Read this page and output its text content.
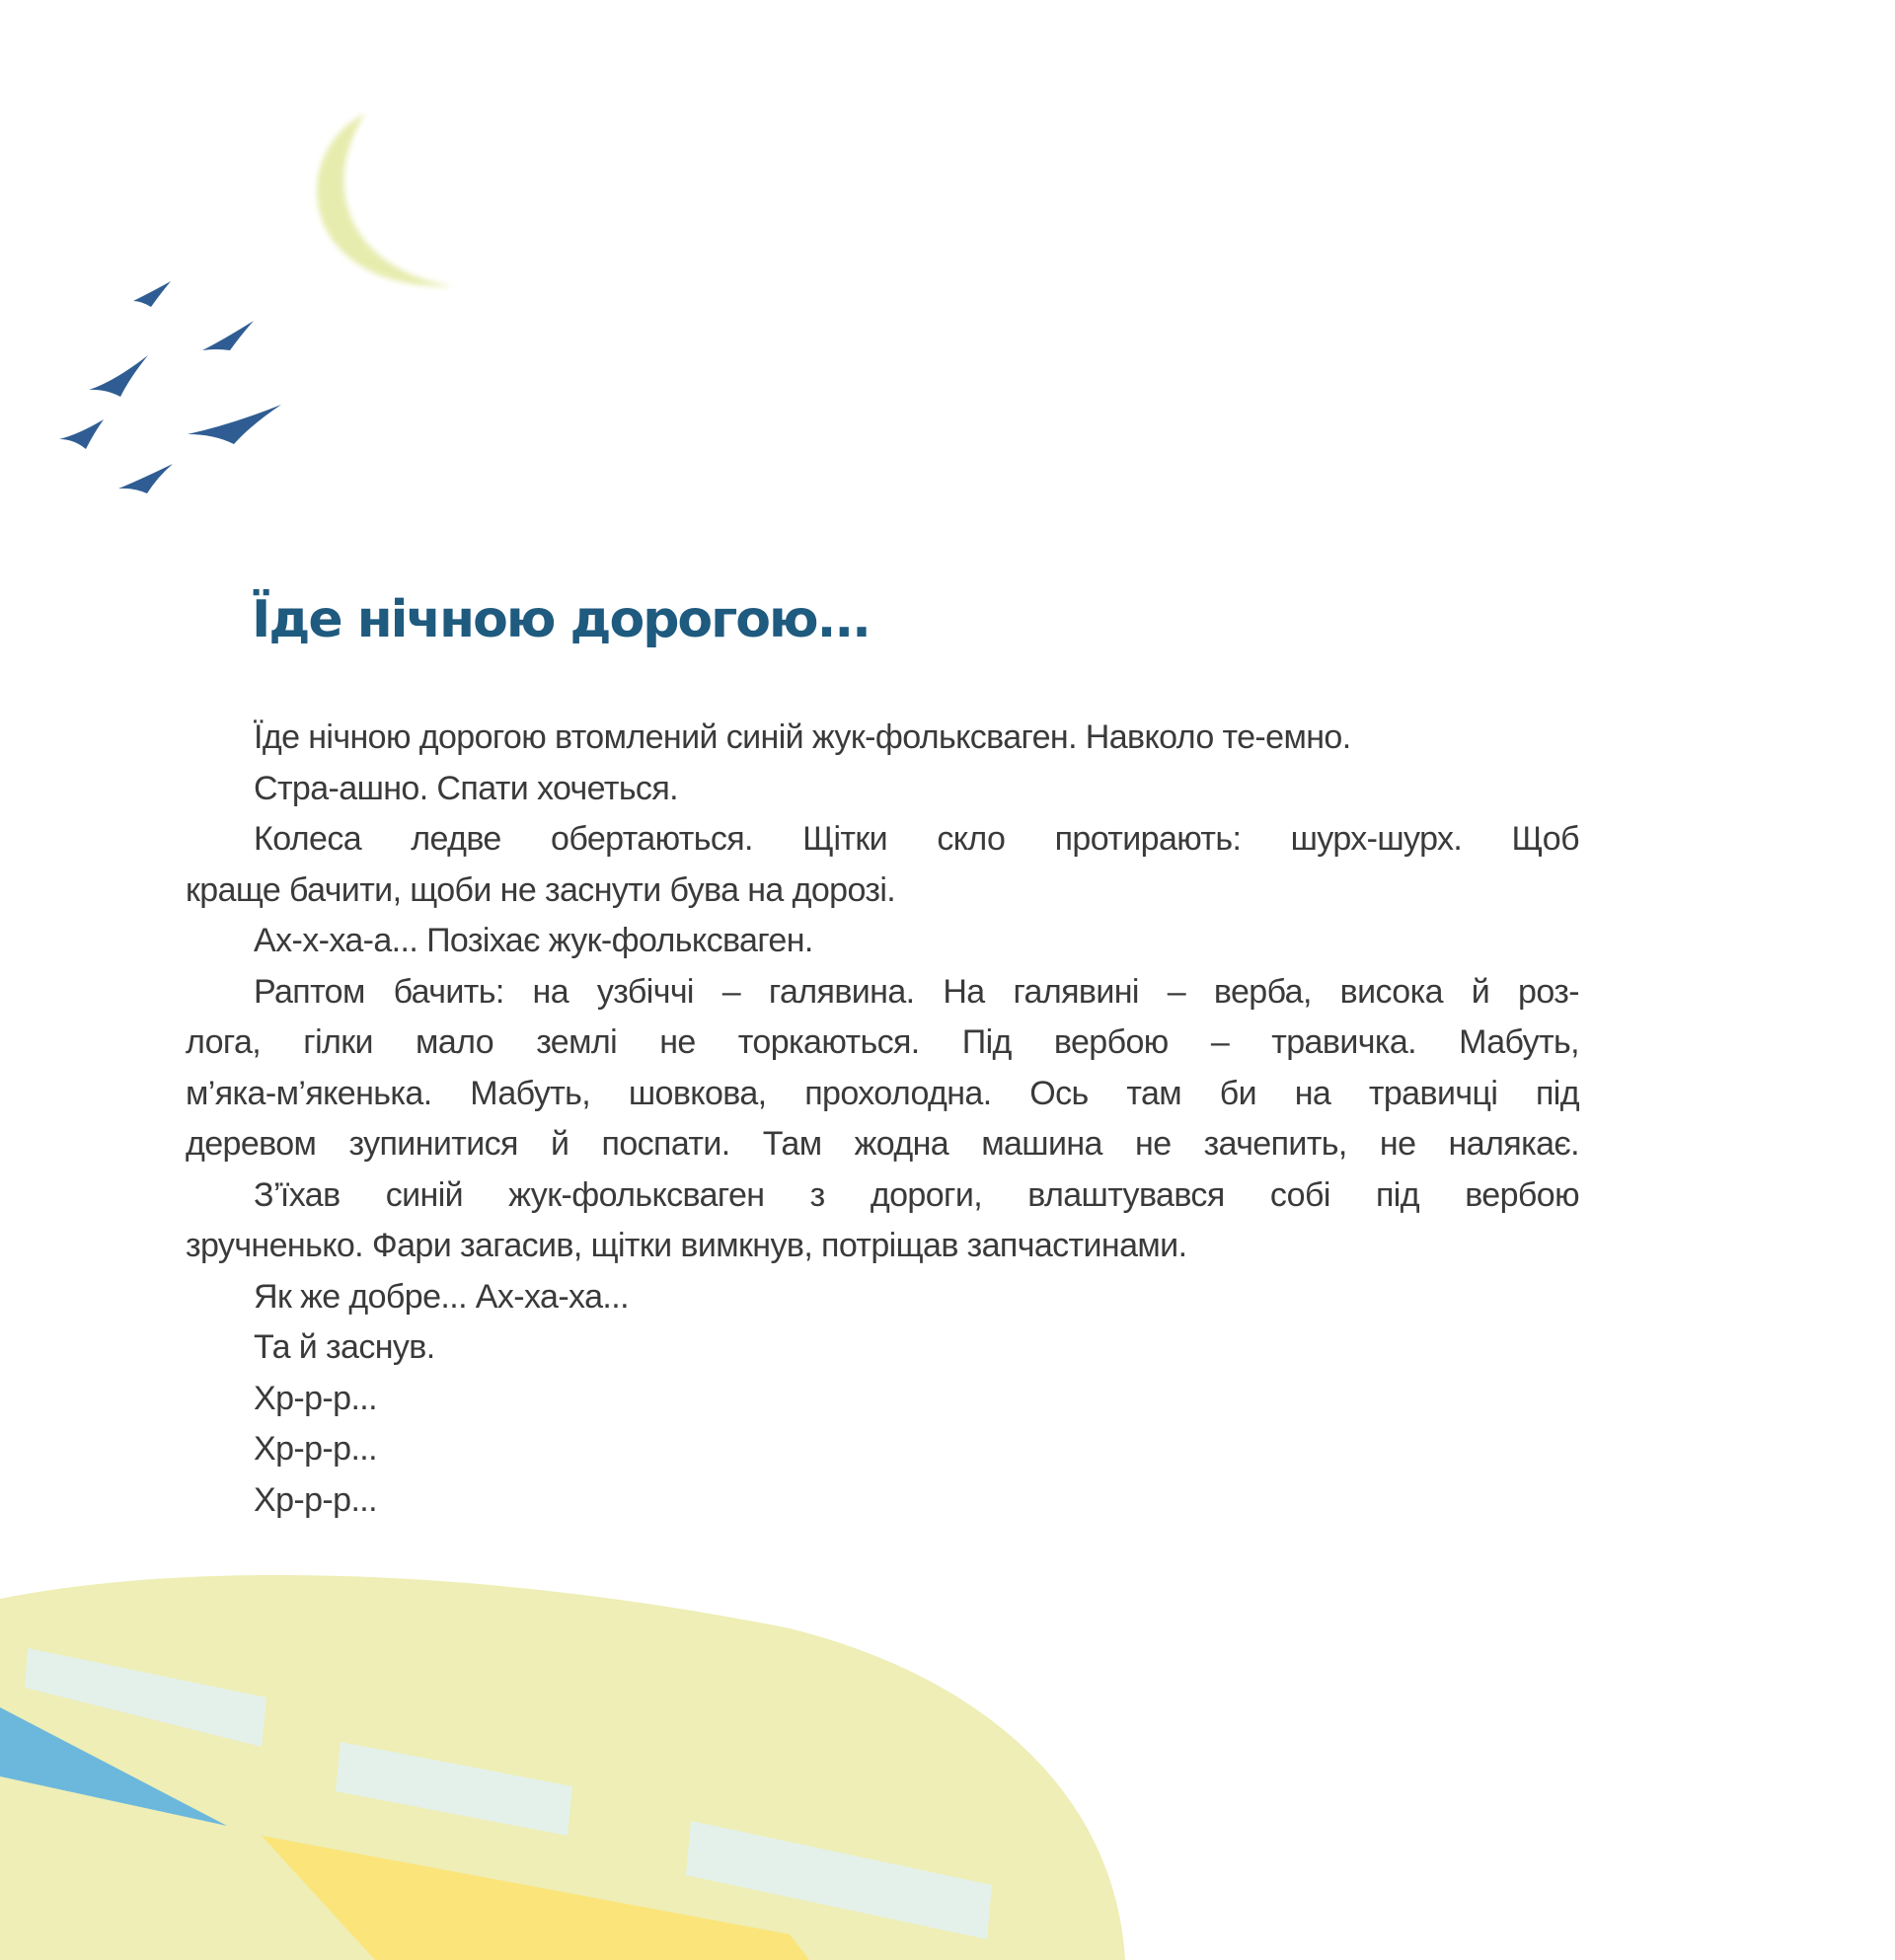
Їде нічною дорогою...
Їде нічною дорогою втомлений синій жук-фольксваген. Навколо те-емно.
Стра-ашно. Спати хочеться.
Колеса ледве обертаються. Щітки скло протирають: шурх-шурх. Щоб
краще бачити, щоби не заснути бува на дорозі.
Ах-х-ха-а... Позіхає жук-фольксваген.
Раптом бачить: на узбіччі – галявина. На галявині – верба, висока й роз-
лога, гілки мало землі не торкаються. Під вербою – травичка. Мабуть,
м’яка-м’якенька. Мабуть, шовкова, прохолодна. Ось там би на травичці під
деревом зупинитися й поспати. Там жодна машина не зачепить, не налякає.
З’їхав синій жук-фольксваген з дороги, влаштувався собі під вербою
зручненько. Фари загасив, щітки вимкнув, потріщав запчастинами.
Як же добре... Ах-ха-ха...
Та й заснув.
Хр-р-р...
Хр-р-р...
Хр-р-р...
